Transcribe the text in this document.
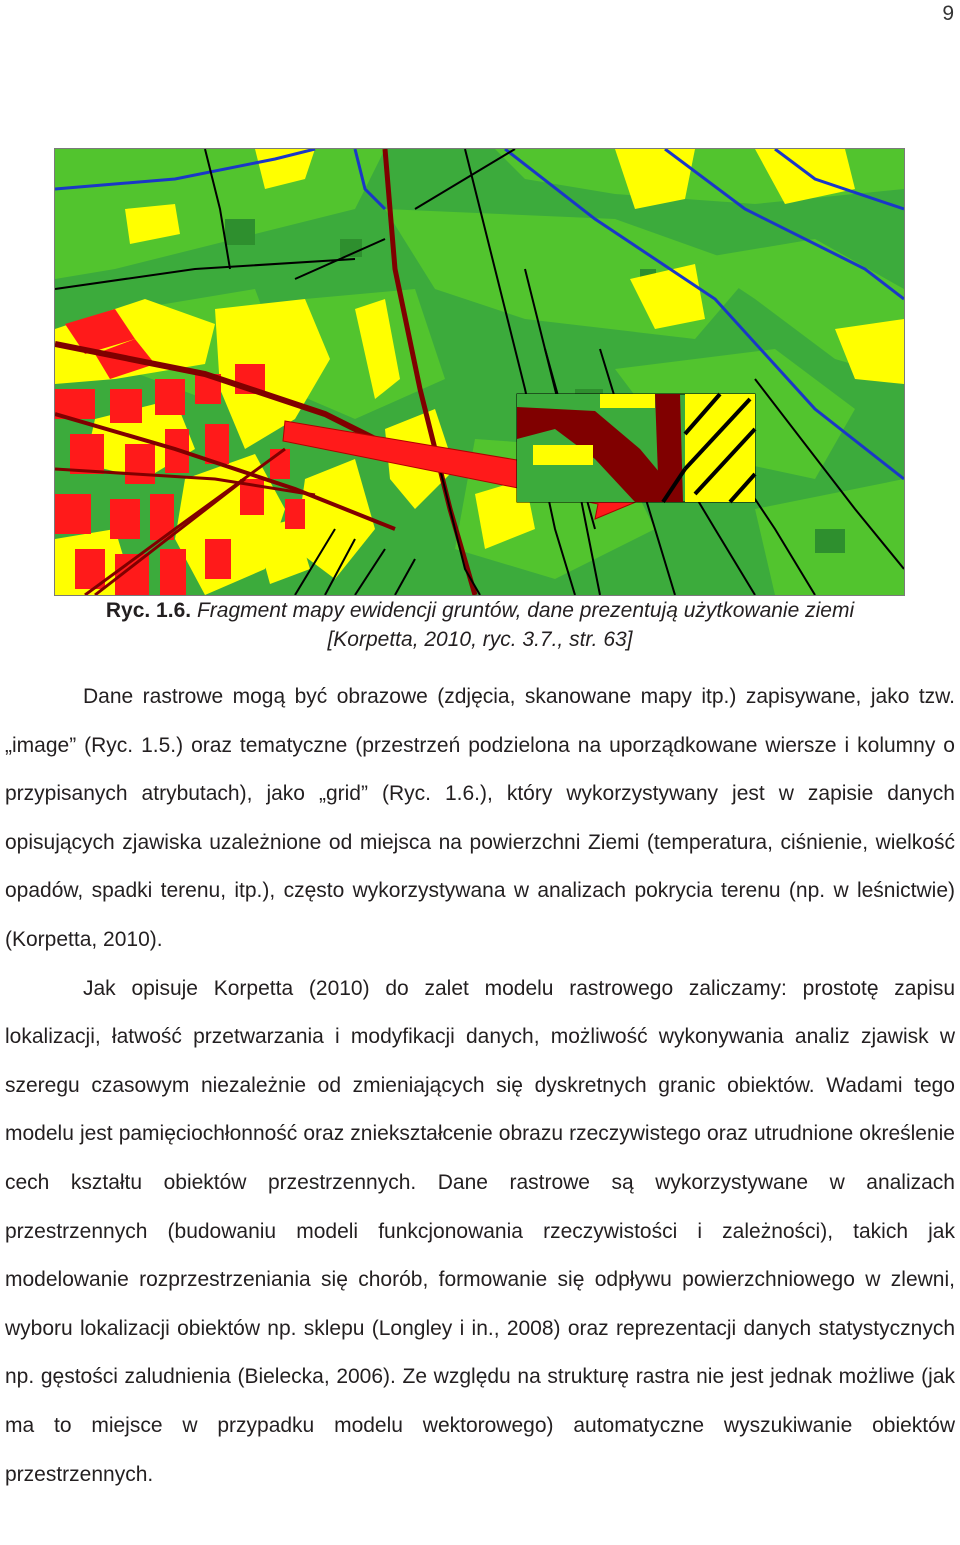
9
Ryc. 1.6. Fragment mapy ewidencji gruntów, dane prezentują użytkowanie ziemi
[Korpetta, 2010, ryc. 3.7., str. 63]

Dane rastrowe mogą być obrazowe (zdjęcia, skanowane mapy itp.) zapisywane, jako tzw. „image” (Ryc. 1.5.) oraz tematyczne (przestrzeń podzielona na uporządkowane wiersze i kolumny o przypisanych atrybutach), jako „grid” (Ryc. 1.6.), który wykorzystywany jest w zapisie danych opisujących zjawiska uzależnione od miejsca na powierzchni Ziemi (temperatura, ciśnienie, wielkość opadów, spadki terenu, itp.), często wykorzystywana w analizach pokrycia terenu (np. w leśnictwie) (Korpetta, 2010).

Jak opisuje Korpetta (2010) do zalet modelu rastrowego zaliczamy: prostotę zapisu lokalizacji, łatwość przetwarzania i modyfikacji danych, możliwość wykonywania analiz zjawisk w szeregu czasowym niezależnie od zmieniających się dyskretnych granic obiektów. Wadami tego modelu jest pamięciochłonność oraz zniekształcenie obrazu rzeczywistego oraz utrudnione określenie cech kształtu obiektów przestrzennych. Dane rastrowe są wykorzystywane w analizach przestrzennych (budowaniu modeli funkcjonowania rzeczywistości i zależności), takich jak modelowanie rozprzestrzeniania się chorób, formowanie się odpływu powierzchniowego w zlewni, wyboru lokalizacji obiektów np. sklepu (Longley i in., 2008) oraz reprezentacji danych statystycznych np. gęstości zaludnienia (Bielecka, 2006). Ze względu na strukturę rastra nie jest jednak możliwe (jak ma to miejsce w przypadku modelu wektorowego) automatyczne wyszukiwanie obiektów przestrzennych.
